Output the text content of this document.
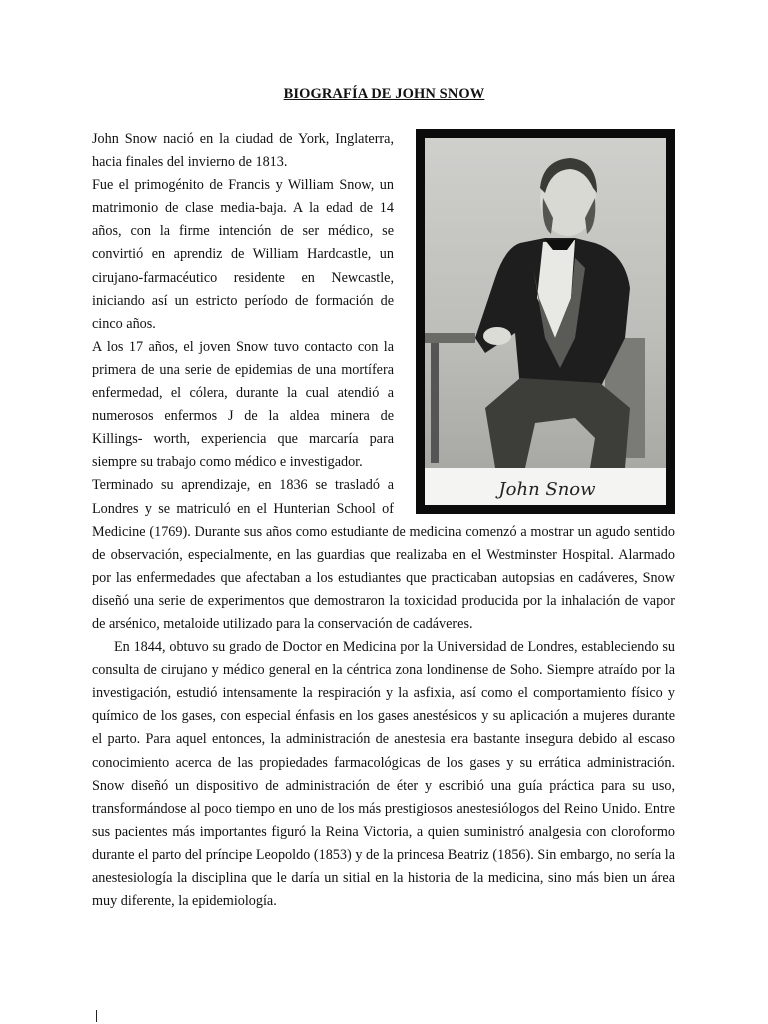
BIOGRAFÍA DE JOHN SNOW
John Snow

John Snow nació en la ciudad de York, Inglaterra, hacia finales del invierno de 1813.

Fue el primogénito de Francis y William Snow, un matrimonio de clase media-baja. A la edad de 14 años, con la firme intención de ser médico, se convirtió en aprendiz de William Hardcastle, un cirujano-farmacéutico residente en Newcastle, iniciando así un estricto período de formación de cinco años.

A los 17 años, el joven Snow tuvo contacto con la primera de una serie de epidemias de una mortífera enfermedad, el cólera, durante la cual atendió a numerosos enfermos J de la aldea minera de Killings- worth, experiencia que marcaría para siempre su trabajo como médico e investigador.

Terminado su aprendizaje, en 1836 se trasladó a Londres y se matriculó en el Hunterian School of Medicine (1769). Durante sus años como estudiante de medicina comenzó a mostrar un agudo sentido de observación, especialmente, en las guardias que realizaba en el Westminster Hospital. Alarmado por las enfermedades que afectaban a los estudiantes que practicaban autopsias en cadáveres, Snow diseñó una serie de experimentos que demostraron la toxicidad producida por la inhalación de vapor de arsénico, metaloide utilizado para la conservación de cadáveres.

En 1844, obtuvo su grado de Doctor en Medicina por la Universidad de Londres, estableciendo su consulta de cirujano y médico general en la céntrica zona londinense de Soho. Siempre atraído por la investigación, estudió intensamente la respiración y la asfixia, así como el comportamiento físico y químico de los gases, con especial énfasis en los gases anestésicos y su aplicación a mujeres durante el parto. Para aquel entonces, la administración de anestesia era bastante insegura debido al escaso conocimiento acerca de las propiedades farmacológicas de los gases y su errática administración. Snow diseñó un dispositivo de administración de éter y escribió una guía práctica para su uso, transformándose al poco tiempo en uno de los más prestigiosos anestesiólogos del Reino Unido. Entre sus pacientes más importantes figuró la Reina Victoria, a quien suministró analgesia con cloroformo durante el parto del príncipe Leopoldo (1853) y de la princesa Beatriz (1856). Sin embargo, no sería la anestesiología la disciplina que le daría un sitial en la historia de la medicina, sino más bien un área muy diferente, la epidemiología.
